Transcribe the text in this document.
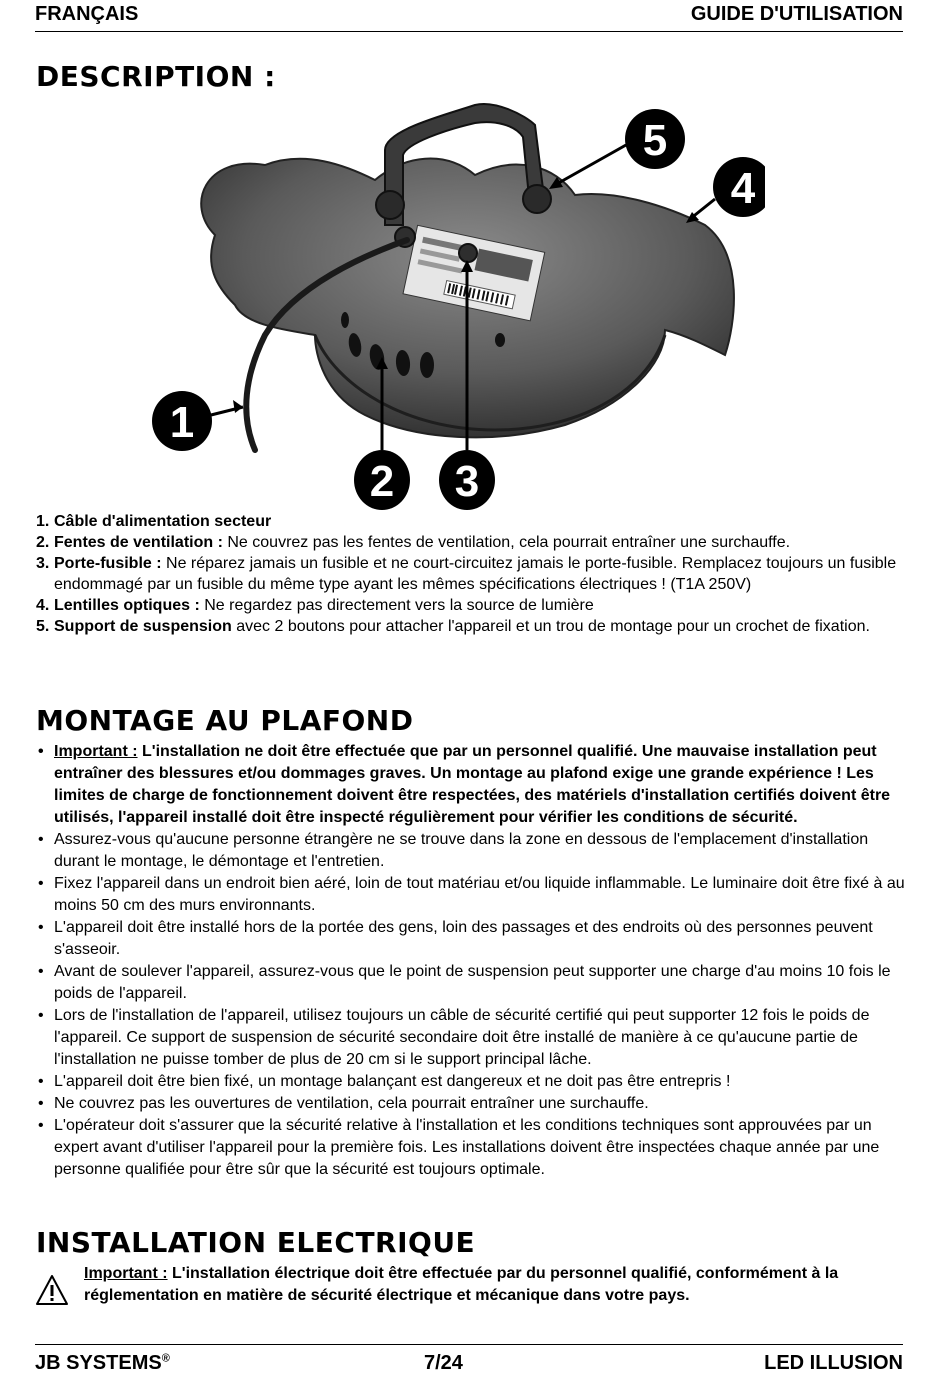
FRANÇAIS	GUIDE D'UTILISATION
DESCRIPTION :
1
2 3
4
5
1. Câble d'alimentation secteur
2. Fentes de ventilation : Ne couvrez pas les fentes de ventilation, cela pourrait entraîner une surchauffe.
3. Porte-fusible : Ne réparez jamais un fusible et ne court-circuitez jamais le porte-fusible. Remplacez toujours un fusible endommagé par un fusible du même type ayant les mêmes spécifications électriques ! (T1A 250V)
4. Lentilles optiques : Ne regardez pas directement vers la source de lumière
5. Support de suspension avec 2 boutons pour attacher l'appareil et un trou de montage pour un crochet de fixation.
MONTAGE AU PLAFOND
• Important : L'installation ne doit être effectuée que par un personnel qualifié. Une mauvaise installation peut entraîner des blessures et/ou dommages graves. Un montage au plafond exige une grande expérience ! Les limites de charge de fonctionnement doivent être respectées, des matériels d'installation certifiés doivent être utilisés, l'appareil installé doit être inspecté régulièrement pour vérifier les conditions de sécurité.
• Assurez-vous qu'aucune personne étrangère ne se trouve dans la zone en dessous de l'emplacement d'installation durant le montage, le démontage et l'entretien.
• Fixez l'appareil dans un endroit bien aéré, loin de tout matériau et/ou liquide inflammable. Le luminaire doit être fixé à au moins 50 cm des murs environnants.
• L'appareil doit être installé hors de la portée des gens, loin des passages et des endroits où des personnes peuvent s'asseoir.
• Avant de soulever l'appareil, assurez-vous que le point de suspension peut supporter une charge d'au moins 10 fois le poids de l'appareil.
• Lors de l'installation de l'appareil, utilisez toujours un câble de sécurité certifié qui peut supporter 12 fois le poids de l'appareil. Ce support de suspension de sécurité secondaire doit être installé de manière à ce qu'aucune partie de l'installation ne puisse tomber de plus de 20 cm si le support principal lâche.
• L'appareil doit être bien fixé, un montage balançant est dangereux et ne doit pas être entrepris !
• Ne couvrez pas les ouvertures de ventilation, cela pourrait entraîner une surchauffe.
• L'opérateur doit s'assurer que la sécurité relative à l'installation et les conditions techniques sont approuvées par un expert avant d'utiliser l'appareil pour la première fois. Les installations doivent être inspectées chaque année par une personne qualifiée pour être sûr que la sécurité est toujours optimale.
INSTALLATION ELECTRIQUE
Important : L'installation électrique doit être effectuée par du personnel qualifié, conformément à la réglementation en matière de sécurité électrique et mécanique dans votre pays.
JB SYSTEMS®	7/24	LED ILLUSION
